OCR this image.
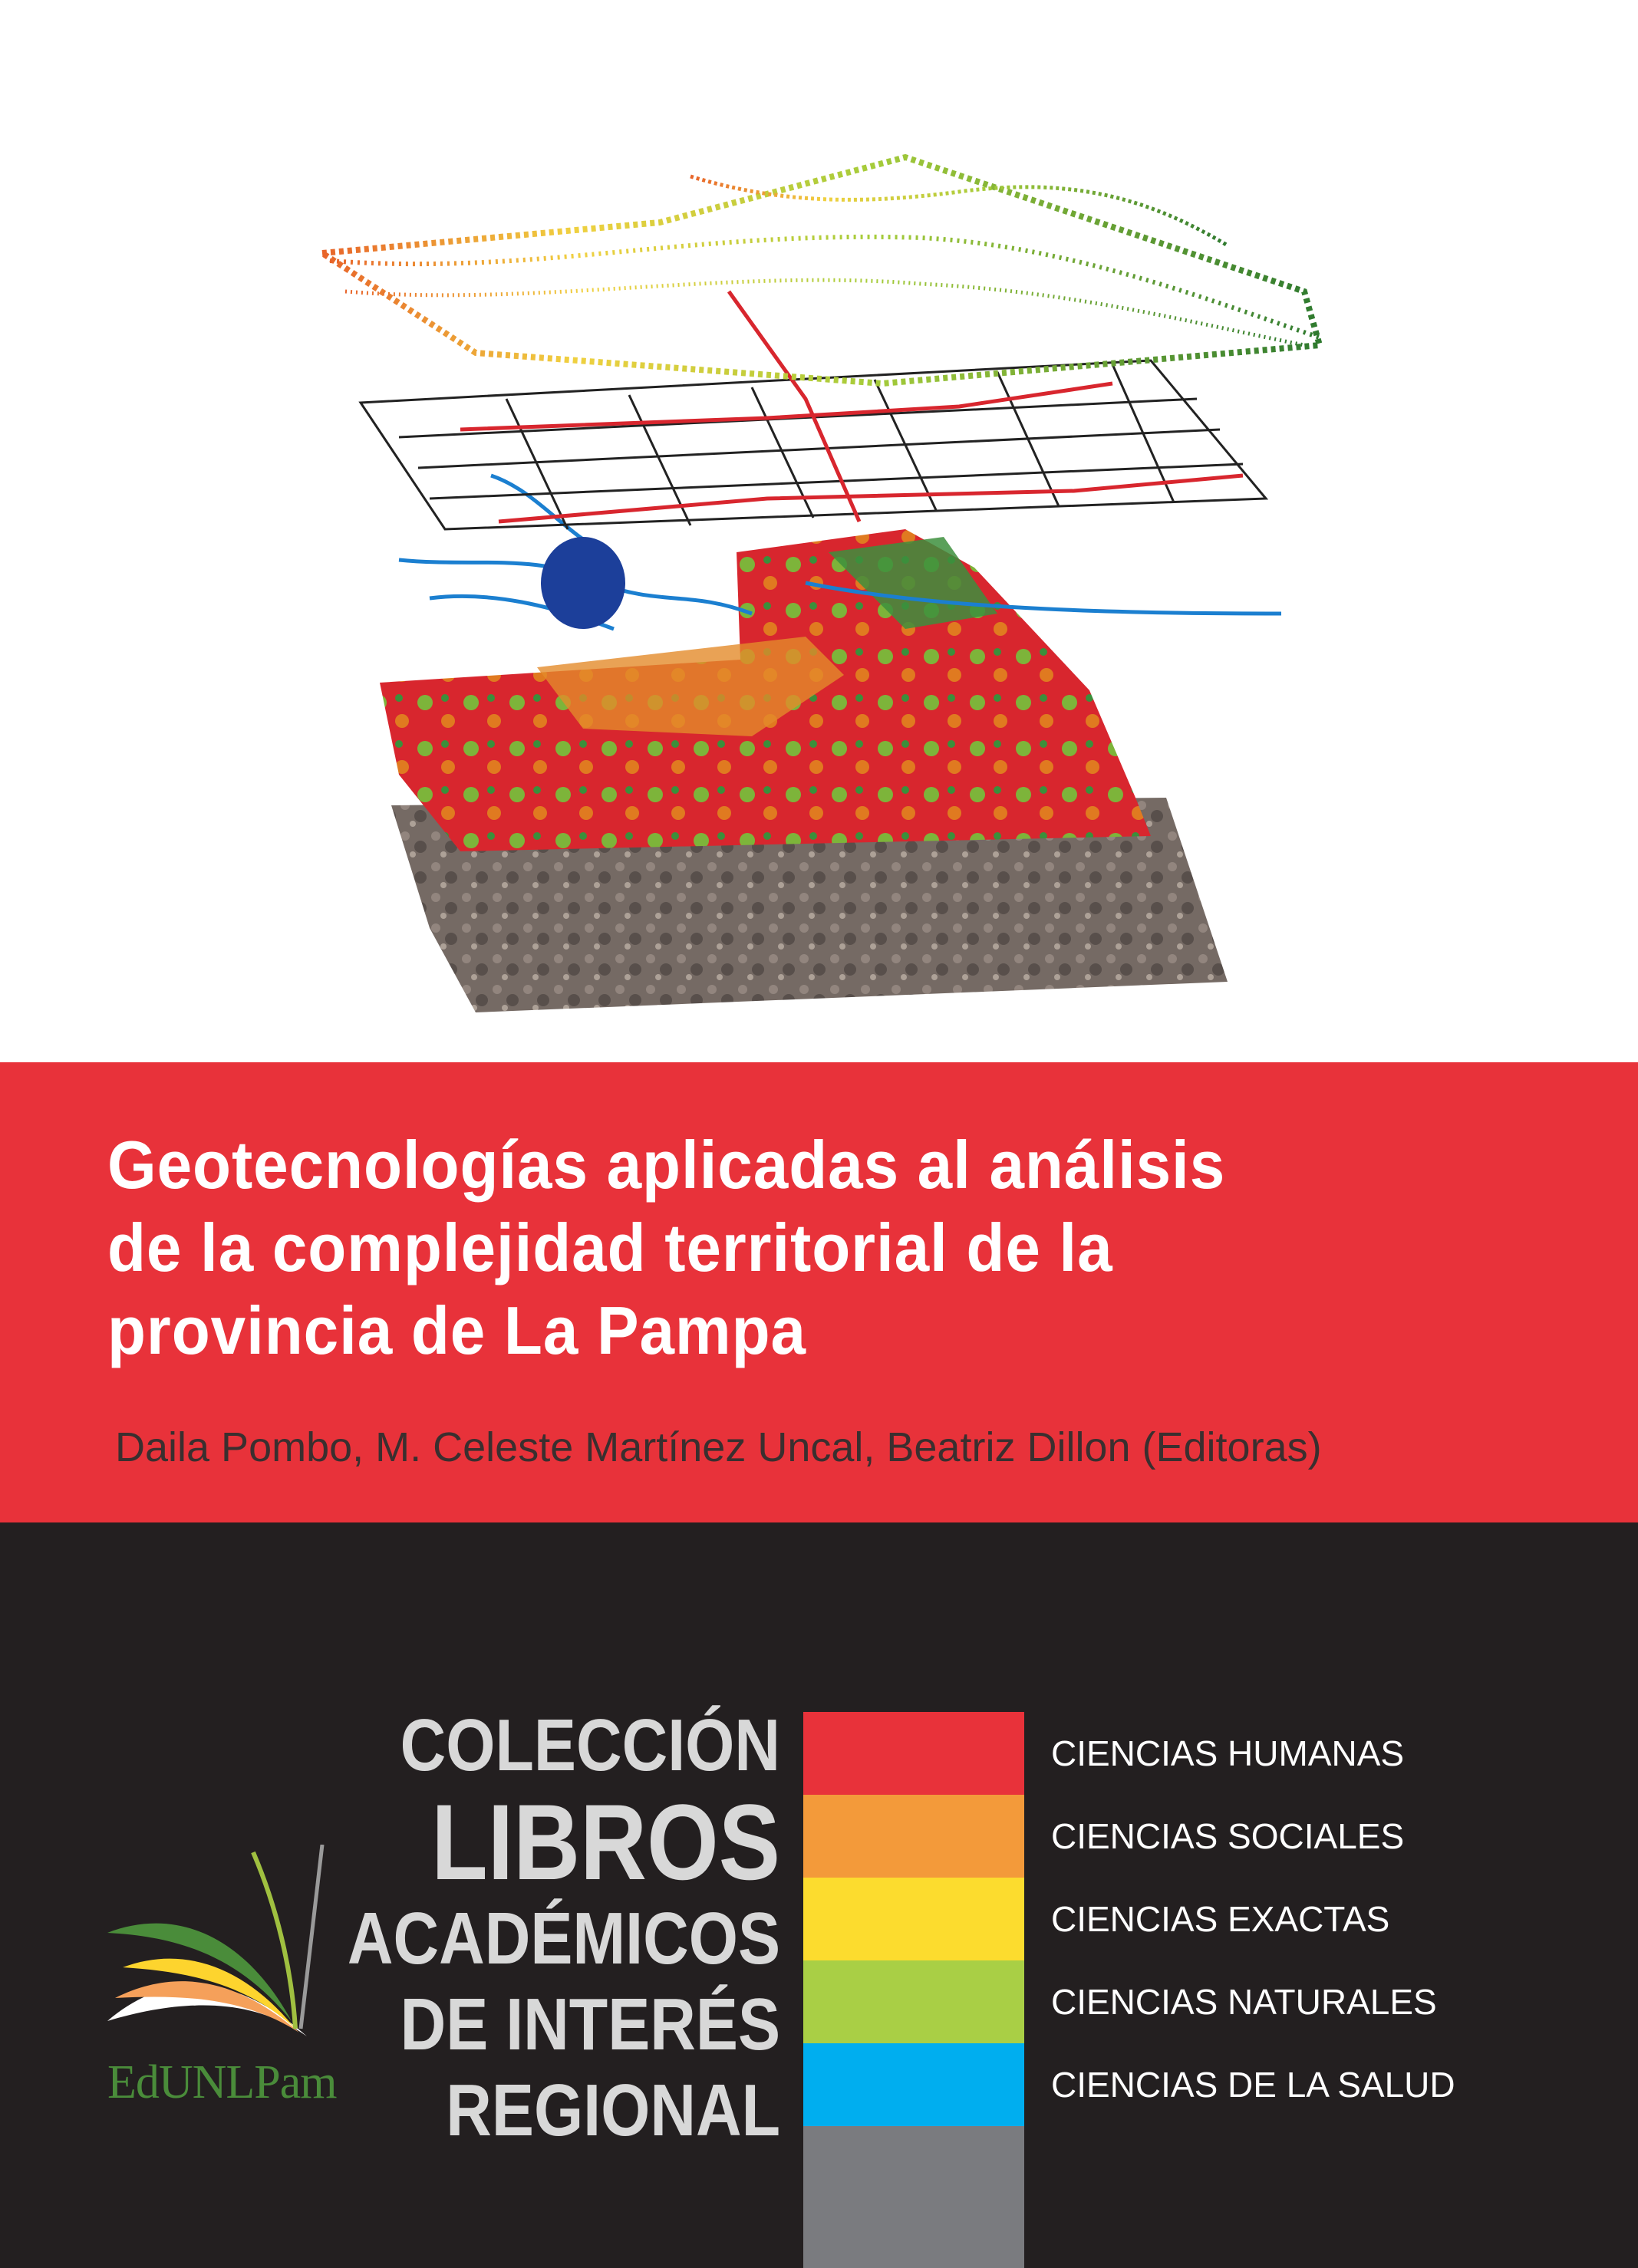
Geotecnologías aplicadas al análisis
de la complejidad territorial de la
provincia de La Pampa

Daila Pombo, M. Celeste Martínez Uncal, Beatriz Dillon (Editoras)

EdUNLPam

COLECCIÓN
LIBROS
ACADÉMICOS
DE INTERÉS
REGIONAL

CIENCIAS HUMANAS

CIENCIAS SOCIALES

CIENCIAS EXACTAS

CIENCIAS NATURALES

CIENCIAS DE LA SALUD
